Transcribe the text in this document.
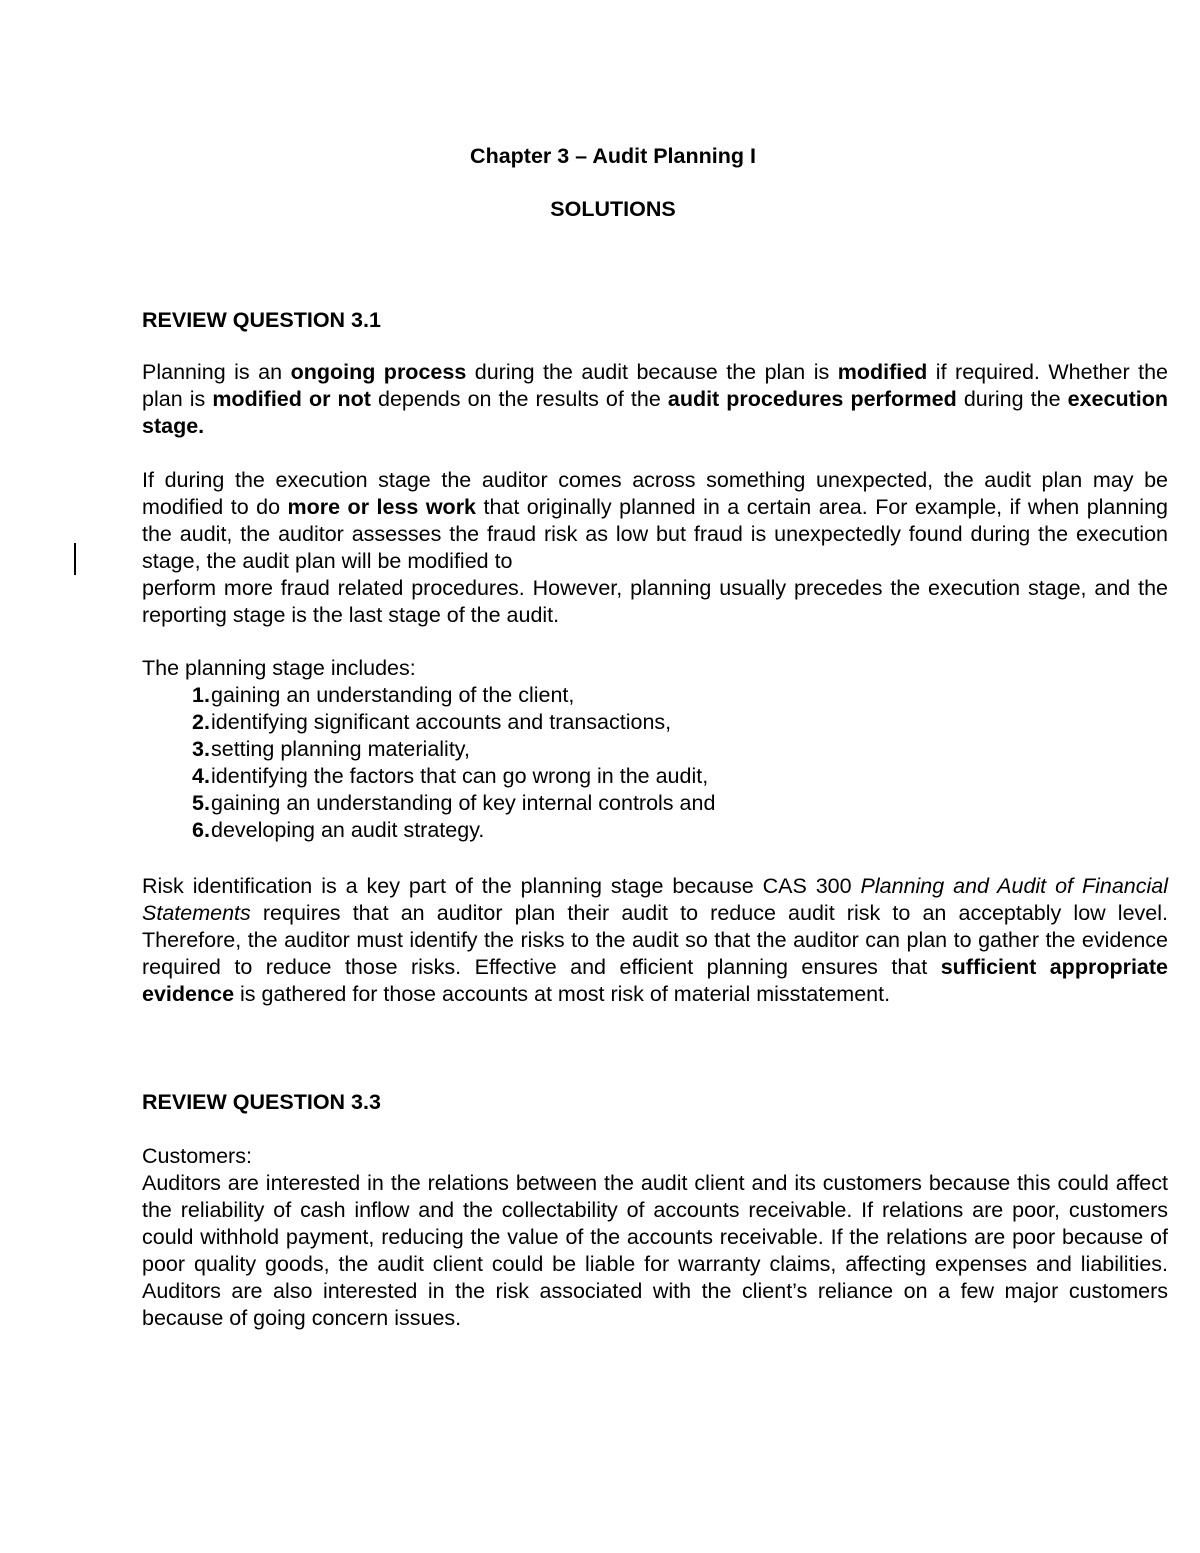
Chapter 3 – Audit Planning I
SOLUTIONS
REVIEW QUESTION 3.1
Planning is an ongoing process during the audit because the plan is modified if required. Whether the plan is modified or not depends on the results of the audit procedures performed during the execution stage.
If during the execution stage the auditor comes across something unexpected, the audit plan may be modified to do more or less work that originally planned in a certain area. For example, if when planning the audit, the auditor assesses the fraud risk as low but fraud is unexpectedly found during the execution stage, the audit plan will be modified to
perform more fraud related procedures. However, planning usually precedes the execution stage, and the reporting stage is the last stage of the audit.
The planning stage includes:
1. gaining an understanding of the client,
2. identifying significant accounts and transactions,
3. setting planning materiality,
4. identifying the factors that can go wrong in the audit,
5. gaining an understanding of key internal controls and
6. developing an audit strategy.
Risk identification is a key part of the planning stage because CAS 300 Planning and Audit of Financial Statements requires that an auditor plan their audit to reduce audit risk to an acceptably low level. Therefore, the auditor must identify the risks to the audit so that the auditor can plan to gather the evidence required to reduce those risks. Effective and efficient planning ensures that sufficient appropriate evidence is gathered for those accounts at most risk of material misstatement.
REVIEW QUESTION 3.3
Customers:
Auditors are interested in the relations between the audit client and its customers because this could affect the reliability of cash inflow and the collectability of accounts receivable. If relations are poor, customers could withhold payment, reducing the value of the accounts receivable. If the relations are poor because of poor quality goods, the audit client could be liable for warranty claims, affecting expenses and liabilities. Auditors are also interested in the risk associated with the client’s reliance on a few major customers because of going concern issues.
